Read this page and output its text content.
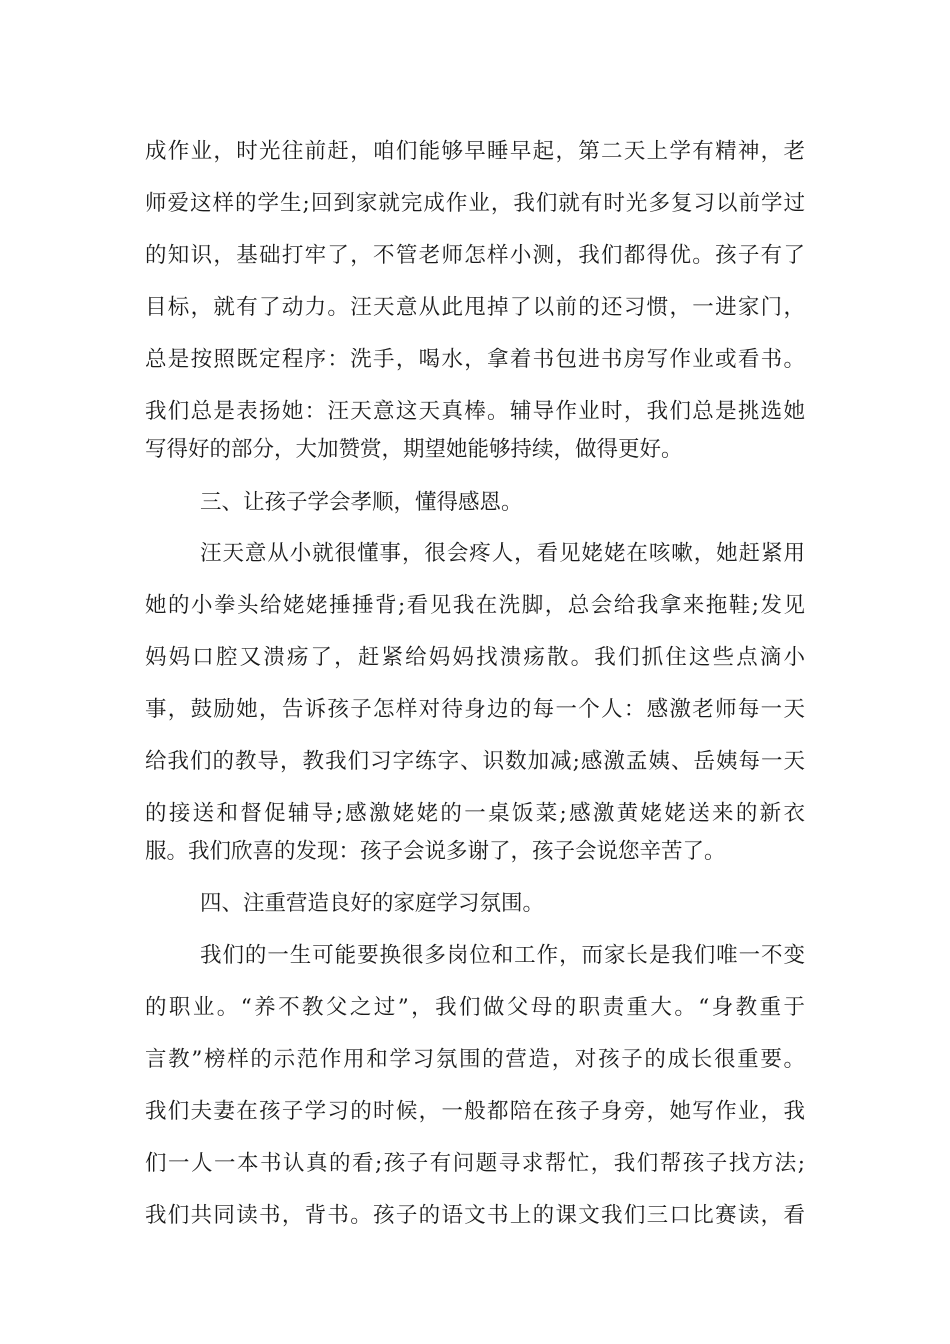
成作业，时光往前赶，咱们能够早睡早起，第二天上学有精神，老
师爱这样的学生;回到家就完成作业，我们就有时光多复习以前学过
的知识，基础打牢了，不管老师怎样小测，我们都得优。孩子有了
目标，就有了动力。汪天意从此甩掉了以前的还习惯，一进家门，
总是按照既定程序：洗手，喝水，拿着书包进书房写作业或看书。
我们总是表扬她：汪天意这天真棒。辅导作业时，我们总是挑选她
写得好的部分，大加赞赏，期望她能够持续，做得更好。
三、让孩子学会孝顺，懂得感恩。
汪天意从小就很懂事，很会疼人，看见姥姥在咳嗽，她赶紧用
她的小拳头给姥姥捶捶背;看见我在洗脚，总会给我拿来拖鞋;发见
妈妈口腔又溃疡了，赶紧给妈妈找溃疡散。我们抓住这些点滴小
事，鼓励她，告诉孩子怎样对待身边的每一个人：感激老师每一天
给我们的教导，教我们习字练字、识数加减;感激孟姨、岳姨每一天
的接送和督促辅导;感激姥姥的一桌饭菜;感激黄姥姥送来的新衣
服。我们欣喜的发现：孩子会说多谢了，孩子会说您辛苦了。
四、注重营造良好的家庭学习氛围。
我们的一生可能要换很多岗位和工作，而家长是我们唯一不变
的职业。“养不教父之过”，我们做父母的职责重大。“身教重于
言教”榜样的示范作用和学习氛围的营造，对孩子的成长很重要。
我们夫妻在孩子学习的时候，一般都陪在孩子身旁，她写作业，我
们一人一本书认真的看;孩子有问题寻求帮忙，我们帮孩子找方法;
我们共同读书，背书。孩子的语文书上的课文我们三口比赛读，看
